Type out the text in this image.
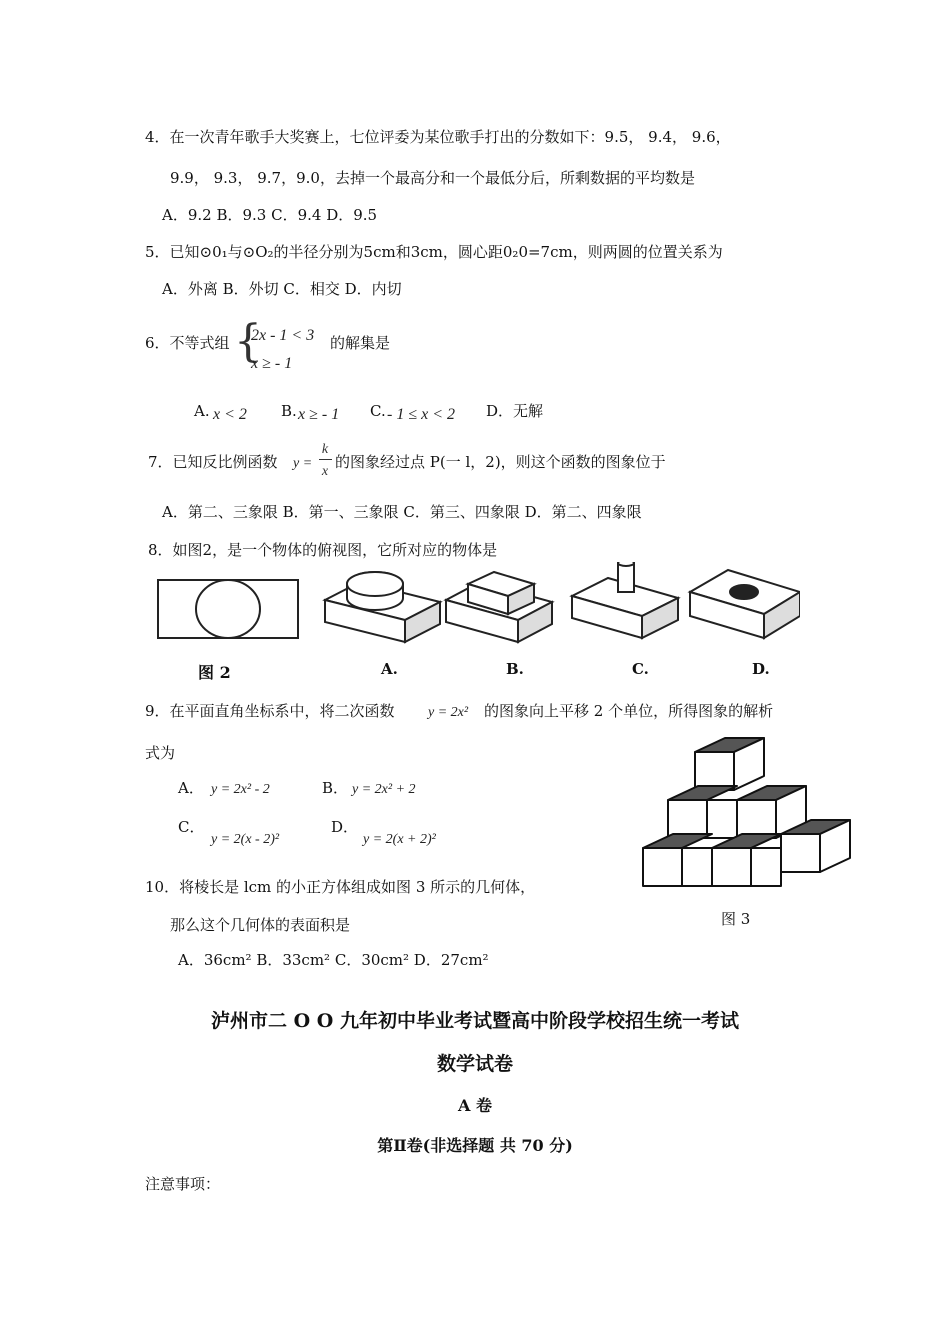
4．在一次青年歌手大奖赛上，七位评委为某位歌手打出的分数如下：9.5， 9.4， 9.6，
9.9， 9.3， 9.7，9.0，去掉一个最高分和一个最低分后，所剩数据的平均数是
A．9.2 B．9.3 C．9.4 D．9.5
5．已知⊙0₁与⊙O₂的半径分别为5cm和3cm，圆心距0₂0=7cm，则两圆的位置关系为
A．外离 B．外切 C．相交 D．内切
6．不等式组 {
2x - 1 < 3
x ≥ - 1
的解集是
A. x < 2 B. x ≥ - 1 C. - 1 ≤ x < 2 D．无解
7．已知反比例函数 y =
k
x
的图象经过点 P(一 l，2)，则这个函数的图象位于
A．第二、三象限 B．第一、三象限 C．第三、四象限 D．第二、四象限
8．如图2，是一个物体的俯视图，它所对应的物体是
图 2	A.	B.	C.	D.
9．在平面直角坐标系中，将二次函数 y = 2x² 的图象向上平移 2 个单位，所得图象的解析
式为
A． y = 2x² - 2	B． y = 2x² + 2
C．
y = 2(x - 2)²
D．
y = 2(x + 2)²
10．将棱长是 lcm 的小正方体组成如图 3 所示的几何体，
那么这个几何体的表面积是	图 3
A．36cm² B．33cm² C．30cm² D．27cm²
泸州市二 O O 九年初中毕业考试暨高中阶段学校招生统一考试
数学试卷
A 卷
第Ⅱ卷(非选择题 共 70 分)
注意事项：
